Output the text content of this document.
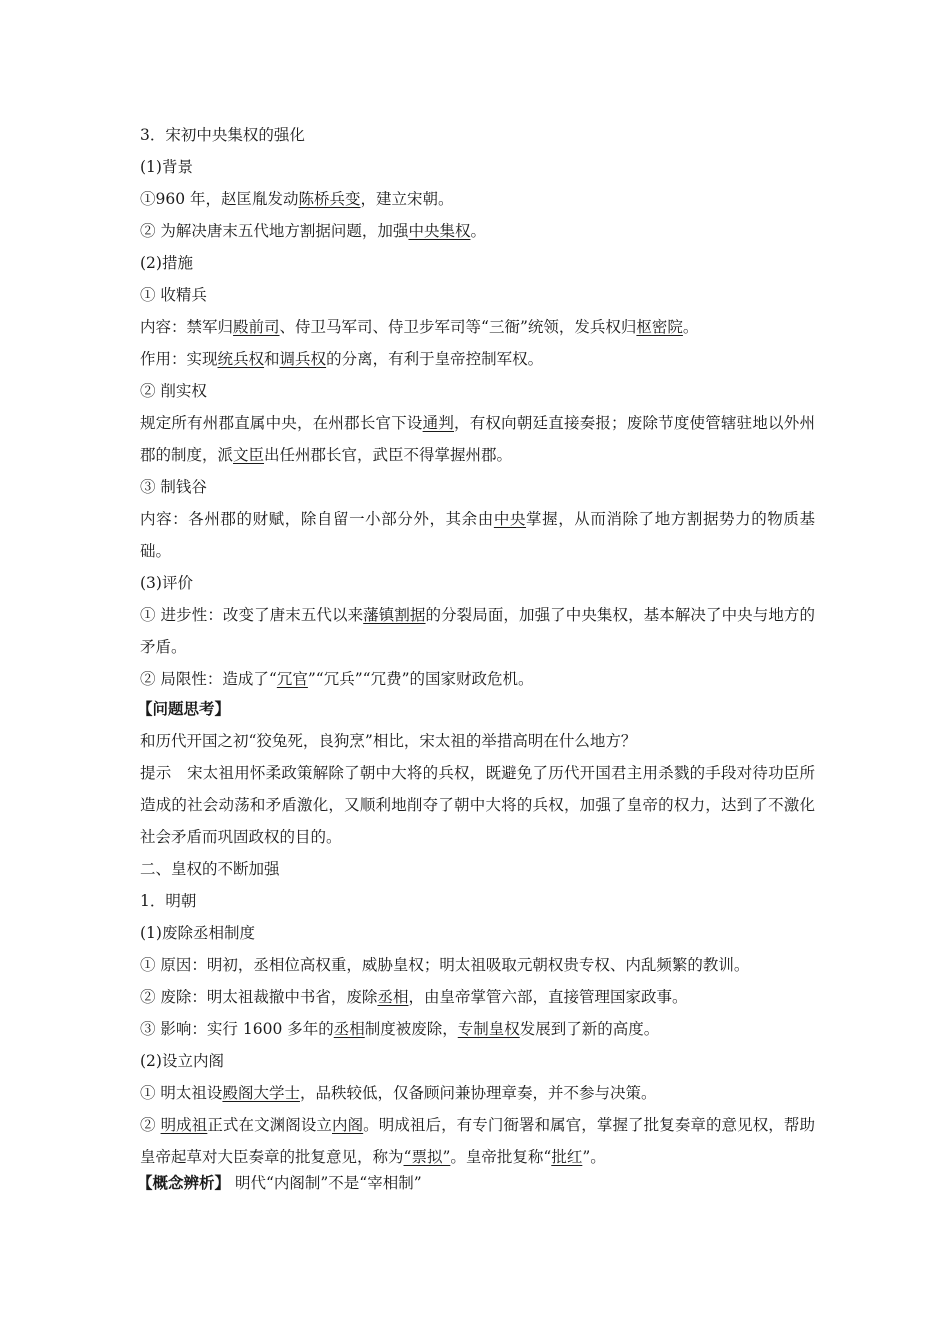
3．宋初中央集权的强化
(1)背景
①960 年，赵匡胤发动陈桥兵变，建立宋朝。
② 为解决唐末五代地方割据问题，加强中央集权。
(2)措施
① 收精兵
内容：禁军归殿前司、侍卫马军司、侍卫步军司等“三衙”统领，发兵权归枢密院。
作用：实现统兵权和调兵权的分离，有利于皇帝控制军权。
② 削实权
规定所有州郡直属中央，在州郡长官下设通判，有权向朝廷直接奏报；废除节度使管辖驻地以外州郡的制度，派文臣出任州郡长官，武臣不得掌握州郡。
③ 制钱谷
内容：各州郡的财赋，除自留一小部分外，其余由中央掌握，从而消除了地方割据势力的物质基础。
(3)评价
① 进步性：改变了唐末五代以来藩镇割据的分裂局面，加强了中央集权，基本解决了中央与地方的矛盾。
② 局限性：造成了“冗官”“冗兵”“冗费”的国家财政危机。
【问题思考】
和历代开国之初“狡兔死，良狗烹”相比，宋太祖的举措高明在什么地方？
提示　宋太祖用怀柔政策解除了朝中大将的兵权，既避免了历代开国君主用杀戮的手段对待功臣所造成的社会动荡和矛盾激化，又顺利地削夺了朝中大将的兵权，加强了皇帝的权力，达到了不激化社会矛盾而巩固政权的目的。
二、皇权的不断加强
1．明朝
(1)废除丞相制度
① 原因：明初，丞相位高权重，威胁皇权；明太祖吸取元朝权贵专权、内乱频繁的教训。
② 废除：明太祖裁撤中书省，废除丞相，由皇帝掌管六部，直接管理国家政事。
③ 影响：实行 1600 多年的丞相制度被废除，专制皇权发展到了新的高度。
(2)设立内阁
① 明太祖设殿阁大学士，品秩较低，仅备顾问兼协理章奏，并不参与决策。
② 明成祖正式在文渊阁设立内阁。明成祖后，有专门衙署和属官，掌握了批复奏章的意见权，帮助皇帝起草对大臣奏章的批复意见，称为“票拟”。皇帝批复称“批红”。
【概念辨析】 明代“内阁制”不是“宰相制”
